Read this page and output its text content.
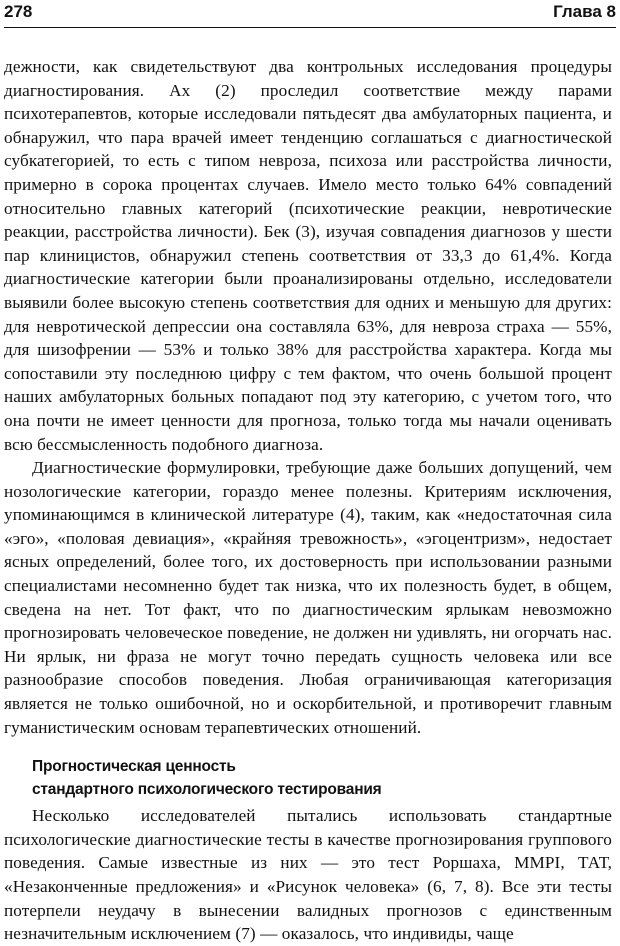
278	Глава 8

дежности, как свидетельствуют два контрольных исследования процедуры диагностирования. Ах (2) проследил соответствие между парами психотерапевтов, которые исследовали пятьдесят два амбулаторных пациента, и обнаружил, что пара врачей имеет тенденцию соглашаться с диагностической субкатегорией, то есть с типом невроза, психоза или расстройства личности, примерно в сорока процентах случаев. Имело место только 64% совпадений относительно главных категорий (психотические реакции, невротические реакции, расстройства личности). Бек (3), изучая совпадения диагнозов у шести пар клиницистов, обнаружил степень соответствия от 33,3 до 61,4%. Когда диагностические категории были проанализированы отдельно, исследователи выявили более высокую степень соответствия для одних и меньшую для других: для невротической депрессии она составляла 63%, для невроза страха — 55%, для шизофрении — 53% и только 38% для расстройства характера. Когда мы сопоставили эту последнюю цифру с тем фактом, что очень большой процент наших амбулаторных больных попадают под эту категорию, с учетом того, что она почти не имеет ценности для прогноза, только тогда мы начали оценивать всю бессмысленность подобного диагноза.

Диагностические формулировки, требующие даже больших допущений, чем нозологические категории, гораздо менее полезны. Критериям исключения, упоминающимся в клинической литературе (4), таким, как «недостаточная сила «эго», «половая девиация», «крайняя тревожность», «эгоцентризм», недостает ясных определений, более того, их достоверность при использовании разными специалистами несомненно будет так низка, что их полезность будет, в общем, сведена на нет. Тот факт, что по диагностическим ярлыкам невозможно прогнозировать человеческое поведение, не должен ни удивлять, ни огорчать нас. Ни ярлык, ни фраза не могут точно передать сущность человека или все разнообразие способов поведения. Любая ограничивающая категоризация является не только ошибочной, но и оскорбительной, и противоречит главным гуманистическим основам терапевтических отношений.

Прогностическая ценность
стандартного психологического тестирования

Несколько исследователей пытались использовать стандартные психологические диагностические тесты в качестве прогнозирования группового поведения. Самые известные из них — это тест Роршаха, MMPI, ТАТ, «Незаконченные предложения» и «Рисунок человека» (6, 7, 8). Все эти тесты потерпели неудачу в вынесении валидных прогнозов с единственным незначительным исключением (7) — оказалось, что индивиды, чаще
